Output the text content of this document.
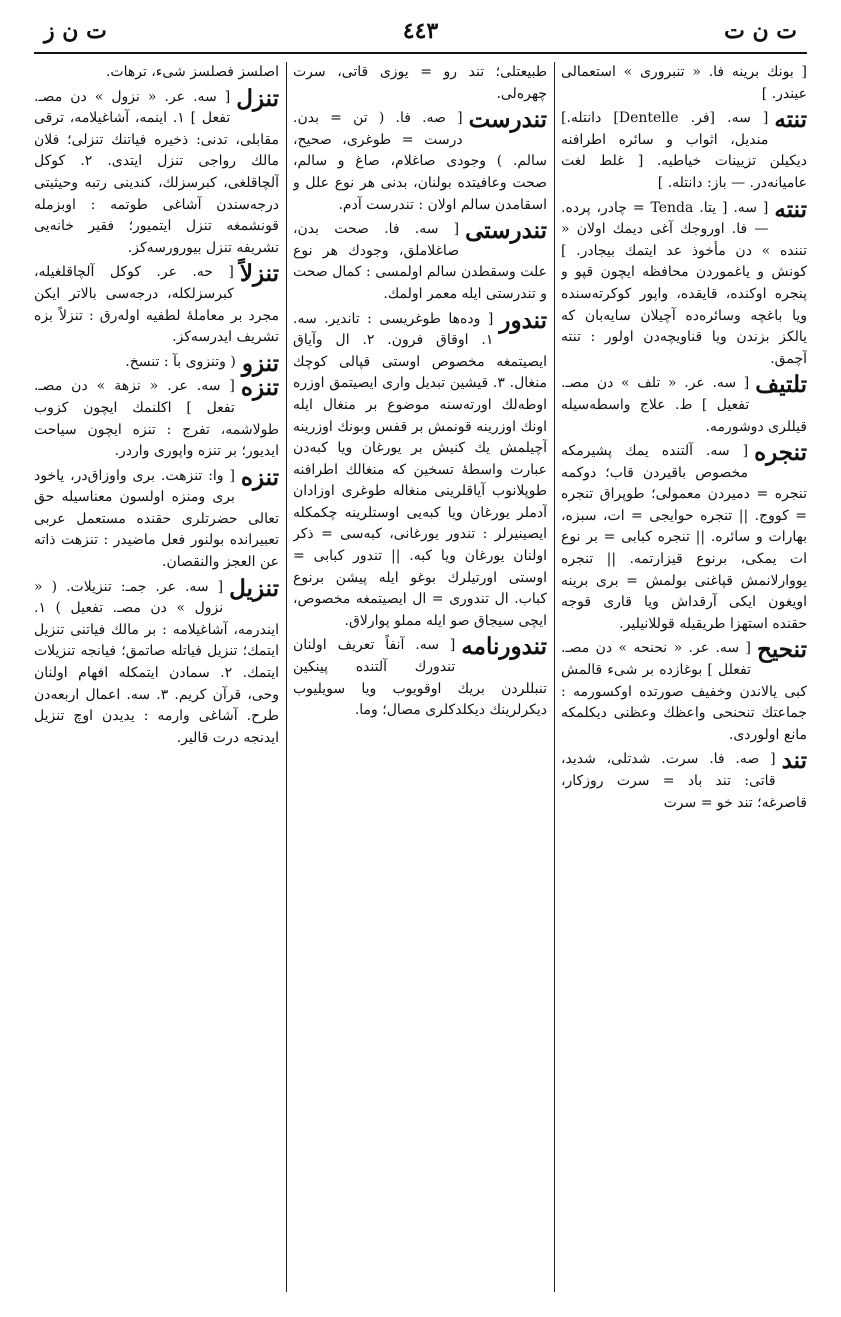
ت ن ت
٤٤٣
ت ن ز
[ بونك برينه فا. « تنبروری » استعمالی عيندر. ]
تنته
[ سه. [فر. Dentelle] دانتله.] منديل، اثواب و سائره اطرافنه ديكيلن تزيينات خياطيه. [ غلط لغت عاميانه‌در. — باز: دانتله. ]
تنته
[ سه. [ يتا. Tenda = چادر، پرده. — فا. اوروجك آغى ديمك اولان « تننده » دن مأخوذ عد ايتمك بيجادر. ] كونش و ياغموردن محافظه ايچون قپو و پنجره اوكنده، قايقده، واپور كوكرته‌سنده ويا باغچه وسائره‌ده آچيلان سايه‌بان كه يالكز بزندن ويا قناويچه‌دن اولور : تنته آچمق.
تلتيف
[ سه. عر. « تلف » دن مصـ. تفعيل ] ط. علاج واسطه‌سيله قيللری دوشورمه.
تنجره
[ سه. آلتنده يمك پشيرمكه مخصوص باقيردن قاب؛ دوكمه تنجره = دميردن معمولی؛ طوپراق تنجره = كووج. || تنجره حوايجی = ات، سبزه، بهارات و سائره. || تنجره كبابی = بر نوع ات يمكی، برنوع قيزارتمه. || تنجره يووارلانمش قپاغنی بولمش = بری برينه اويغون ايكی آرقداش ويا قاری قوجه حقنده استهزا طريقيله قوللانيلير.
تنحيح
[ سه. عر. « نحنحه » دن مصـ. تفعلل ] بوغازده بر شیء قالمش كبی يالاندن وخفيف صورتده اوكسورمه : جماعتك تنحنحی واعظك وعظنی ديكلمكه مانع اولوردی.
تند
[ صه. فا. سرت. شدتلی، شديد، قاتی: تند باد = سرت روزكار، قاصرغه؛ تند خو = سرت
طبيعتلی؛ تند رو = يوزی قاتی، سرت چهره‌لی.
تندرست
[ صه. فا. ( تن = بدن. درست = طوغری، صحيح، سالم. ) وجودی صاغلام، صاغ و سالم، صحت وعافيتده بولنان، بدنی هر نوع علل و اسقامدن سالم اولان : تندرست آدم.
تندرستی
[ سه. فا. صحت بدن، صاغلاملق، وجودك هر نوع علت وسقطدن سالم اولمسی : كمال صحت و تندرستی ايله معمر اولمك.
تندور
[ وده‌ها طوغريسی : تاندير. سه. ١. اوقاق فرون. ٢. ال وآياق ايصيتمغه مخصوص اوستی قپالی كوچك منغال. ٣. قيشين تبديل واری ايصيتمق اوزره اوطه‌لك اورته‌سنه موضوع بر منغال ايله اونك اوزرينه قونمش بر قفس وبونك اوزرينه آچيلمش يك كنيش بر يورغان ويا كبه‌دن عبارت واسطهٔ تسخين كه منغالك اطرافنه طوپلانوب آياقلرينی منغاله طوغری اوزادان آدملر يورغان ويا كبه‌يی اوستلرينه چكمكله ايصينيرلر : تندور يورغانی، كبه‌سی = ذكر اولنان يورغان ويا كبه. || تندور كبابی = اوستی اورتيلرك بوغو ايله پيشن برنوع كباب. ال تندوری = ال ايصيتمغه مخصوص، ايچی سيجاق صو ايله مملو پوارلاق.
تندورنامه
[ سه. آنفاً تعريف اولنان تندورك آلتنده پينكين تنبللردن بريك اوقويوب ويا سويليوب ديكرلرينك ديكلدكلری مصال؛ وما.
اصلسز فصلسز شیء، ترهات.
تنزل
[ سه. عر. « نزول » دن مصـ. تفعل ] ١. اينمه، آشاغيلامه، ترقی مقابلی، تدنی: ذخيره فياتنك تنزلی؛ فلان مالك رواجی تنزل ايتدی. ٢. كوكل آلچاقلغی، كبرسزلك، كندينی رتبه وحيثيتی درجه‌سندن آشاغی طوتمه : اوبزمله قونشمغه تنزل ايتميور؛ فقير خانه‌يی تشريفه تنزل بيورورسه‌كز.
تنزلاً
[ حه. عر. كوكل آلچاقلغيله، كبرسزلكله، درجه‌سی بالاتر ايكن مجرد بر معاملهٔ لطفيه اوله‌رق : تنزلاً بزه تشريف ايدرسه‌كز.
تنزو
( وتنزوی بآ : تنسخ.
تنزه
[ سه. عر. « نزهة » دن مصـ. تفعل ] اكلنمك ايچون كزوب طولاشمه، تفرج : تنزه ايچون سياحت ايديور؛ بر تنزه واپوری واردر.
تنزه
[ وا: تنزهت. بری واوزاق‌در، ياخود بری ومنزه اولسون معناسيله حق تعالی حضرتلری حقنده مستعمل عربی تعبيرانده بولنور فعل ماضيدر : تنزهت ذاته عن العجز والنقصان.
تنزيل
[ سه. عر. جمـ: تنزيلات. ( « نزول » دن مصـ. تفعيل ) ١. ايندرمه، آشاغيلامه : بر مالك فياتنی تنزيل ايتمك؛ تنزيل فياتله صاتمق؛ فيانجه تنزيلات ايتمك. ٢. سمادن ايتمكله افهام اولنان وحی، قرآن كريم. ٣. سه. اعمال اربعه‌دن طرح. آشاغی وارمه : يديدن اوچ تنزيل ايدنجه درت قالير.
